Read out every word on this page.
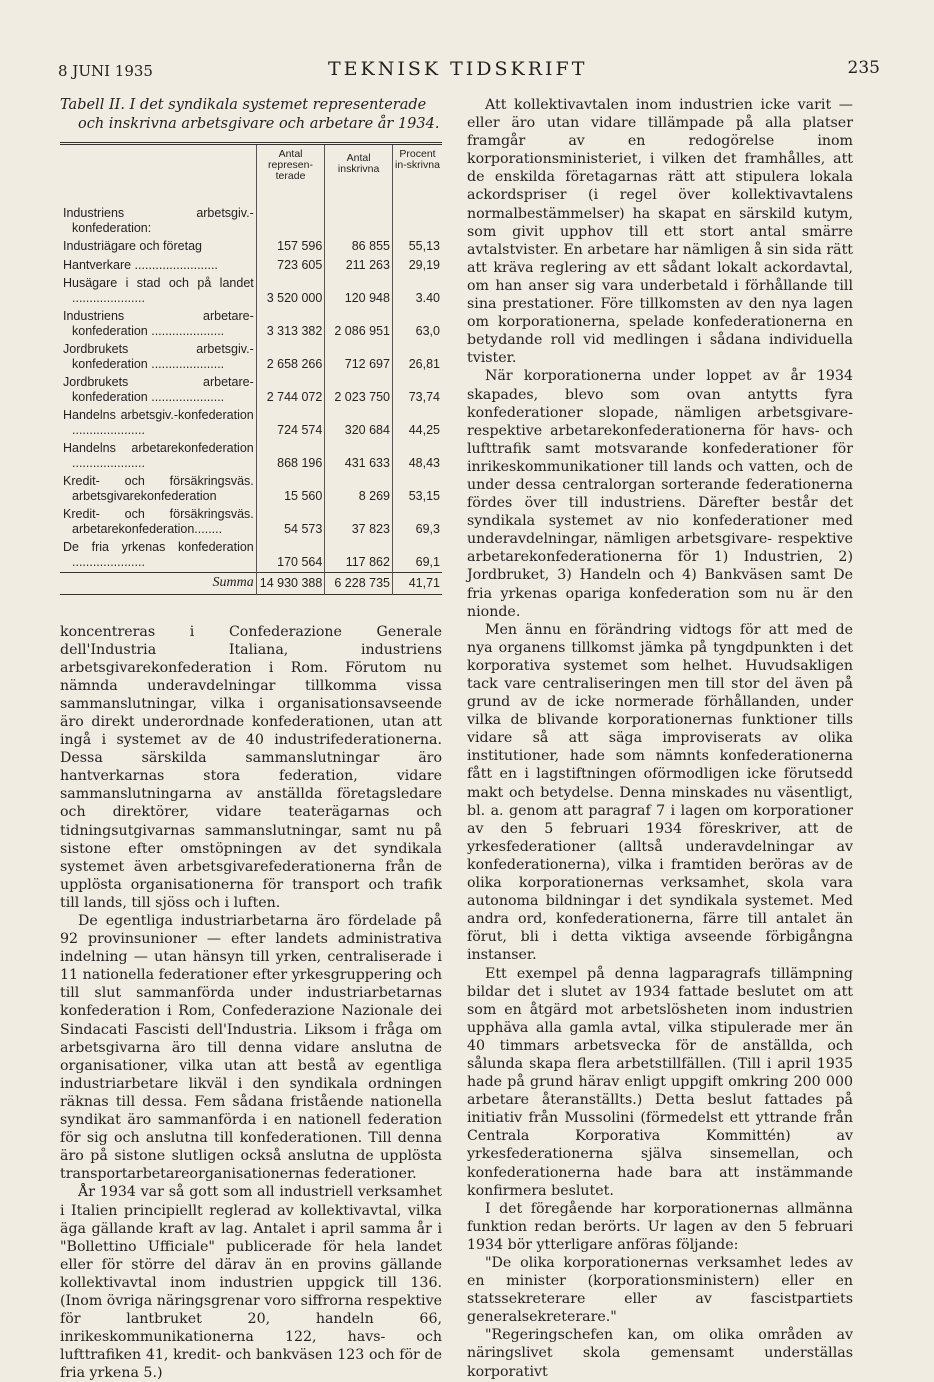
8 JUNI 1935	TEKNISK TIDSKRIFT	235

Tabell II. I det syndikala systemet representerade
och inskrivna arbetsgivare och arbetare år 1934.

	Antal represen-terade	Antal inskrivna	Procent in-skrivna
Industriens arbetsgiv.-konfederation:			
Industriägare och företag	157 596	86 855	55,13
Hantverkare ........................	723 605	211 263	29,19
Husägare i stad och på landet .....................	3 520 000	120 948	3.40
Industriens arbetare-konfederation .....................	3 313 382	2 086 951	63,0
Jordbrukets arbetsgiv.-konfederation .....................	2 658 266	712 697	26,81
Jordbrukets arbetare-konfederation .....................	2 744 072	2 023 750	73,74
Handelns arbetsgiv.-konfederation .....................	724 574	320 684	44,25
Handelns arbetarekonfederation .....................	868 196	431 633	48,43
Kredit- och försäkringsväs. arbetsgivarekonfederation	15 560	8 269	53,15
Kredit- och försäkringsväs. arbetarekonfederation........	54 573	37 823	69,3
De fria yrkenas konfederation .....................	170 564	117 862	69,1
Summa	14 930 388	6 228 735	41,71

koncentreras i Confederazione Generale dell'Industria Italiana, industriens arbetsgivarekonfederation i Rom. Förutom nu nämnda underavdelningar tillkomma vissa sammanslutningar, vilka i organisationsavseende äro direkt underordnade konfederationen, utan att ingå i systemet av de 40 industrifederationerna. Dessa särskilda sammanslutningar äro hantverkarnas stora federation, vidare sammanslutningarna av anställda företagsledare och direktörer, vidare teaterägarnas och tidningsutgivarnas sammanslutningar, samt nu på sistone efter omstöpningen av det syndikala systemet även arbetsgivarefederationerna från de upplösta organisationerna för transport och trafik till lands, till sjöss och i luften.

De egentliga industriarbetarna äro fördelade på 92 provinsunioner — efter landets administrativa indelning — utan hänsyn till yrken, centraliserade i 11 nationella federationer efter yrkesgruppering och till slut sammanförda under industriarbetarnas konfederation i Rom, Confederazione Nazionale dei Sindacati Fascisti dell'Industria. Liksom i fråga om arbetsgivarna äro till denna vidare anslutna de organisationer, vilka utan att bestå av egentliga industriarbetare likväl i den syndikala ordningen räknas till dessa. Fem sådana fristående nationella syndikat äro sammanförda i en nationell federation för sig och anslutna till konfederationen. Till denna äro på sistone slutligen också anslutna de upplösta transportarbetareorganisationernas federationer.

År 1934 var så gott som all industriell verksamhet i Italien principiellt reglerad av kollektivavtal, vilka äga gällande kraft av lag. Antalet i april samma år i "Bollettino Ufficiale" publicerade för hela landet eller för större del därav än en provins gällande kollektivavtal inom industrien uppgick till 136. (Inom övriga näringsgrenar voro siffrorna respektive för lantbruket 20, handeln 66, inrikeskommunikationerna 122, havs- och lufttrafiken 41, kredit- och bankväsen 123 och för de fria yrkena 5.)

Att kollektivavtalen inom industrien icke varit — eller äro utan vidare tillämpade på alla platser framgår av en redogörelse inom korporationsministeriet, i vilken det framhålles, att de enskilda företagarnas rätt att stipulera lokala ackordspriser (i regel över kollektivavtalens normalbestämmelser) ha skapat en särskild kutym, som givit upphov till ett stort antal smärre avtalstvister. En arbetare har nämligen å sin sida rätt att kräva reglering av ett sådant lokalt ackordavtal, om han anser sig vara underbetald i förhållande till sina prestationer. Före tillkomsten av den nya lagen om korporationerna, spelade konfederationerna en betydande roll vid medlingen i sådana individuella tvister.

När korporationerna under loppet av år 1934 skapades, blevo som ovan antytts fyra konfederationer slopade, nämligen arbetsgivare- respektive arbetarekonfederationerna för havs- och lufttrafik samt motsvarande konfederationer för inrikeskommunikationer till lands och vatten, och de under dessa centralorgan sorterande federationerna fördes över till industriens. Därefter består det syndikala systemet av nio konfederationer med underavdelningar, nämligen arbetsgivare- respektive arbetarekonfederationerna för 1) Industrien, 2) Jordbruket, 3) Handeln och 4) Bankväsen samt De fria yrkenas opariga konfederation som nu är den nionde.

Men ännu en förändring vidtogs för att med de nya organens tillkomst jämka på tyngdpunkten i det korporativa systemet som helhet. Huvudsakligen tack vare centraliseringen men till stor del även på grund av de icke normerade förhållanden, under vilka de blivande korporationernas funktioner tills vidare så att säga improviserats av olika institutioner, hade som nämnts konfederationerna fått en i lagstiftningen oförmodligen icke förutsedd makt och betydelse. Denna minskades nu väsentligt, bl. a. genom att paragraf 7 i lagen om korporationer av den 5 februari 1934 föreskriver, att de yrkesfederationer (alltså underavdelningar av konfederationerna), vilka i framtiden beröras av de olika korporationernas verksamhet, skola vara autonoma bildningar i det syndikala systemet. Med andra ord, konfederationerna, färre till antalet än förut, bli i detta viktiga avseende förbigångna instanser.

Ett exempel på denna lagparagrafs tillämpning bildar det i slutet av 1934 fattade beslutet om att som en åtgärd mot arbetslösheten inom industrien upphäva alla gamla avtal, vilka stipulerade mer än 40 timmars arbetsvecka för de anställda, och sålunda skapa flera arbetstillfällen. (Till i april 1935 hade på grund härav enligt uppgift omkring 200 000 arbetare återanställts.) Detta beslut fattades på initiativ från Mussolini (förmedelst ett yttrande från Centrala Korporativa Kommittén) av yrkesfederationerna själva sinsemellan, och konfederationerna hade bara att instämmande konfirmera beslutet.

I det föregående har korporationernas allmänna funktion redan berörts. Ur lagen av den 5 februari 1934 bör ytterligare anföras följande:

"De olika korporationernas verksamhet ledes av en minister (korporationsministern) eller en statssekreterare eller av fascistpartiets generalsekreterare."

"Regeringschefen kan, om olika områden av näringslivet skola gemensamt underställas korporativt
